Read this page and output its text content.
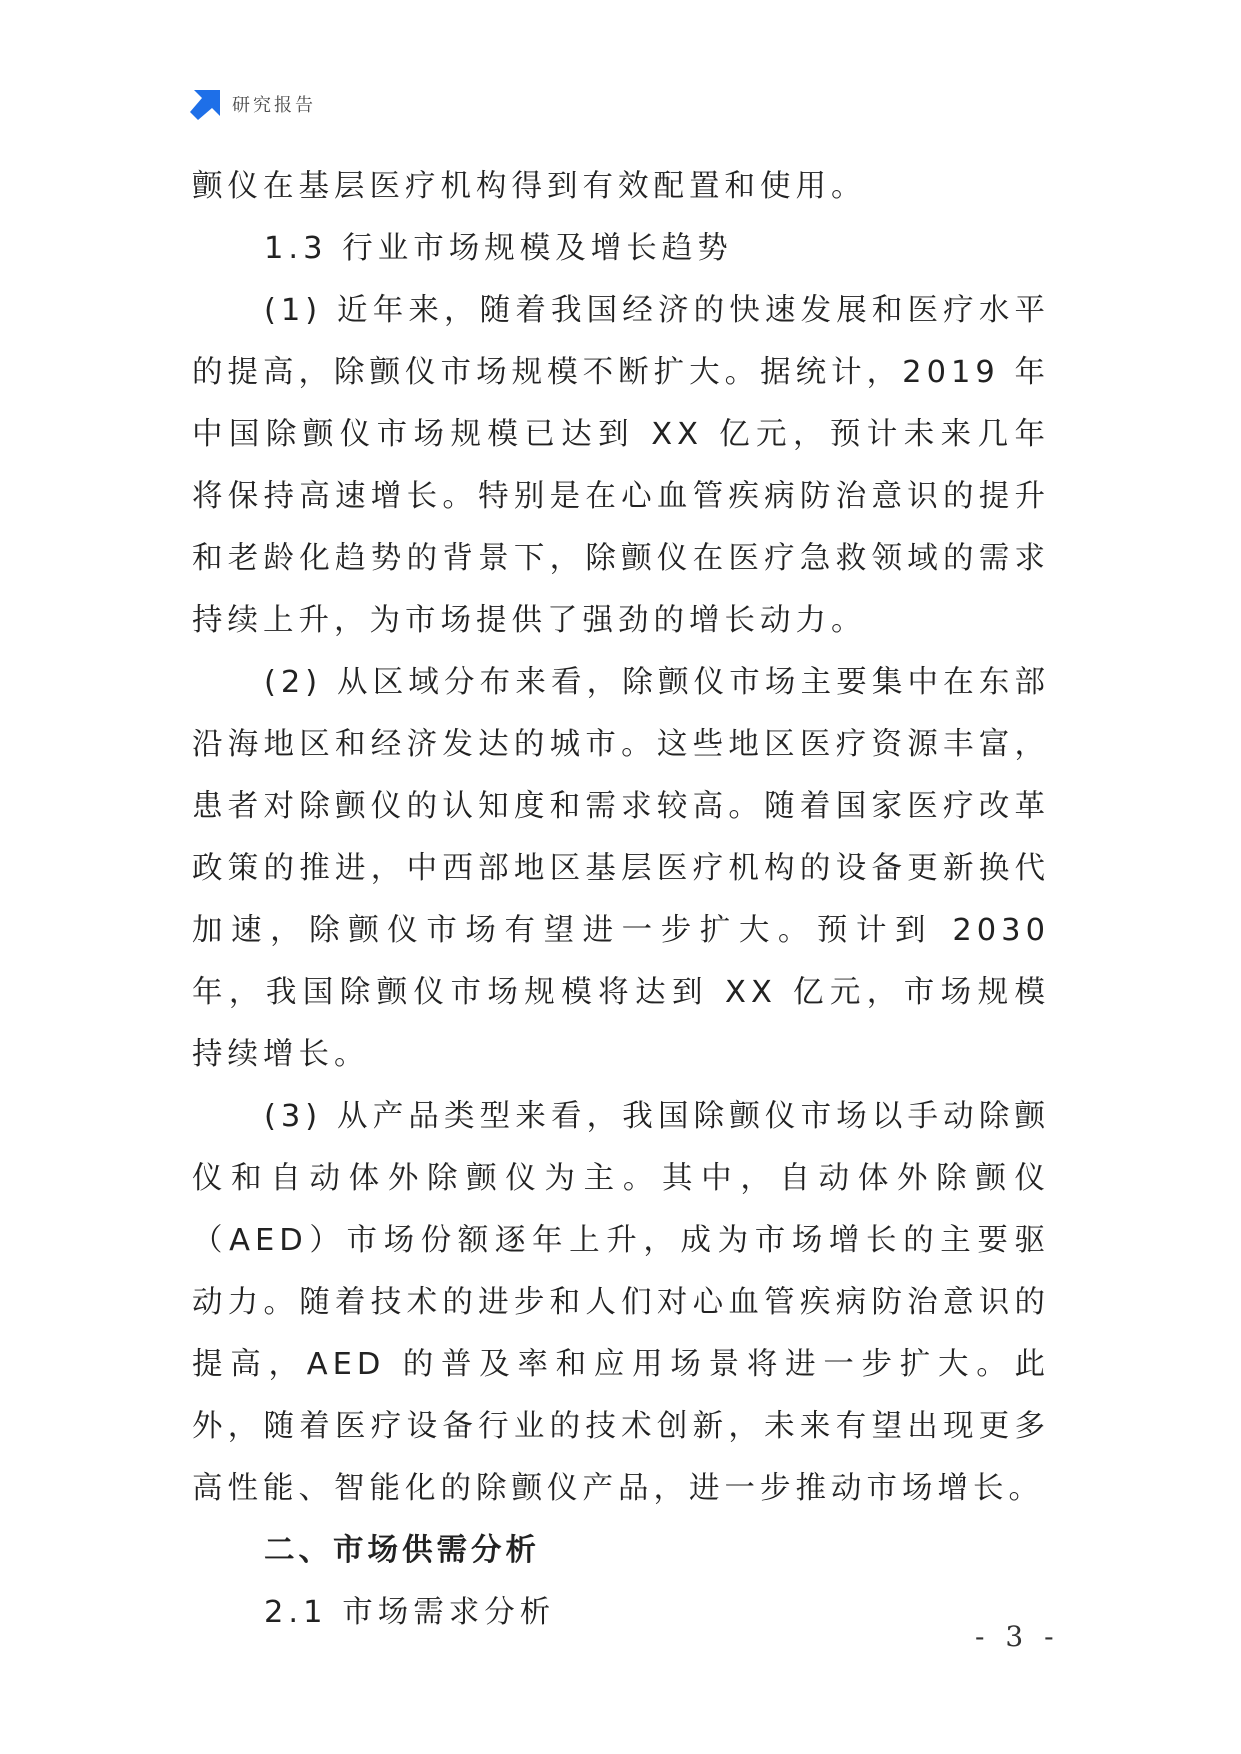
研究报告

颤仪在基层医疗机构得到有效配置和使用。

1.3 行业市场规模及增长趋势

(1) 近年来，随着我国经济的快速发展和医疗水平的提高，除颤仪市场规模不断扩大。据统计，2019 年中国除颤仪市场规模已达到 XX 亿元，预计未来几年将保持高速增长。特别是在心血管疾病防治意识的提升和老龄化趋势的背景下，除颤仪在医疗急救领域的需求持续上升，为市场提供了强劲的增长动力。

(2) 从区域分布来看，除颤仪市场主要集中在东部沿海地区和经济发达的城市。这些地区医疗资源丰富，患者对除颤仪的认知度和需求较高。随着国家医疗改革政策的推进，中西部地区基层医疗机构的设备更新换代加速，除颤仪市场有望进一步扩大。预计到 2030 年，我国除颤仪市场规模将达到 XX 亿元，市场规模持续增长。

(3) 从产品类型来看，我国除颤仪市场以手动除颤仪和自动体外除颤仪为主。其中，自动体外除颤仪（AED）市场份额逐年上升，成为市场增长的主要驱动力。随着技术的进步和人们对心血管疾病防治意识的提高，AED 的普及率和应用场景将进一步扩大。此外，随着医疗设备行业的技术创新，未来有望出现更多高性能、智能化的除颤仪产品，进一步推动市场增长。

二、市场供需分析

2.1 市场需求分析

- 3 -
